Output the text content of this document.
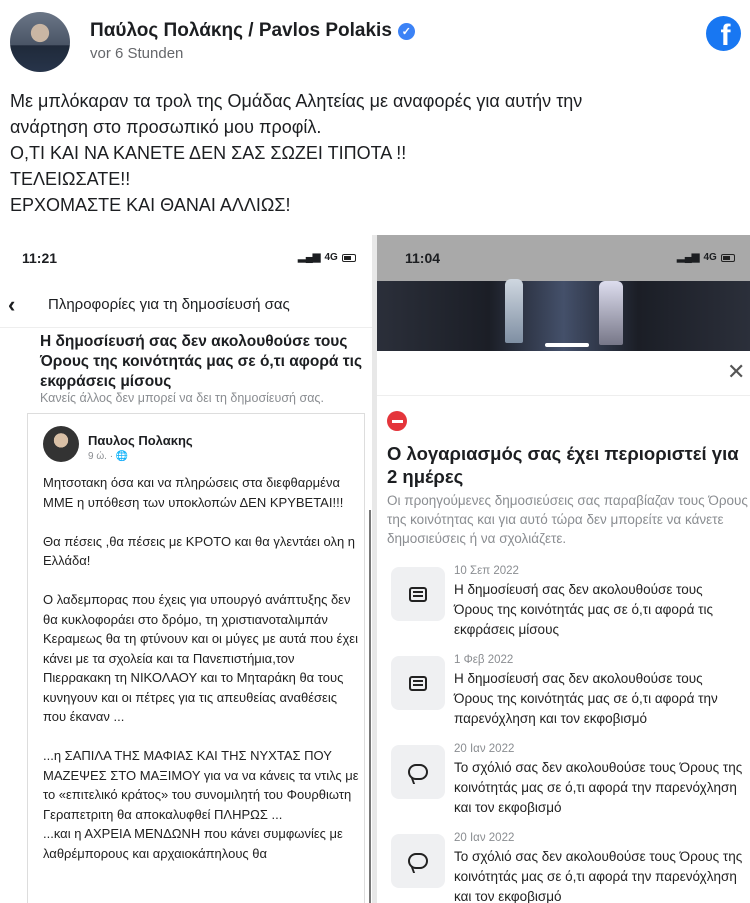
Παύλος Πολάκης / Pavlos Polakis ✓
vor 6 Stunden
f
Με μπλόκαραν τα τρολ της Ομάδας Αλητείας με αναφορές για αυτήν την
ανάρτηση στο προσωπικό μου προφίλ.
Ο,ΤΙ ΚΑΙ ΝΑ ΚΑΝΕΤΕ ΔΕΝ ΣΑΣ ΣΩΖΕΙ ΤΙΠΟΤΑ !!
ΤΕΛΕΙΩΣΑΤΕ!!
ΕΡΧΟΜΑΣΤΕ ΚΑΙ ΘΑΝΑΙ ΑΛΛΙΩΣ!
11:21	▂▄▆ 4G
‹ Πληροφορίες για τη δημοσίευσή σας
Η δημοσίευσή σας δεν ακολουθούσε τους Όρους της κοινότητάς μας σε ό,τι αφορά τις εκφράσεις μίσους
Κανείς άλλος δεν μπορεί να δει τη δημοσίευσή σας.
Παυλος Πολακης
9 ώ. · 🌐

Μητσοτακη όσα και να πληρώσεις στα διεφθαρμένα ΜΜΕ η υπόθεση των υποκλοπών ΔΕΝ ΚΡΥΒΕΤΑΙ!!!

Θα πέσεις ,θα πέσεις με ΚΡΟΤΟ και θα γλεντάει ολη η Ελλάδα!

Ο λαδεμπορας που έχεις για υπουργό ανάπτυξης δεν θα κυκλοφοράει στο δρόμο, τη χριστιανοταλιμπάν Κεραμεως θα τη φτύνουν και οι μύγες με αυτά που έχει κάνει με τα σχολεία και τα Πανεπιστήμια,τον Πιερρακακη τη ΝΙΚΟΛΑΟΥ και το Μηταράκη θα τους κυνηγουν και οι πέτρες για τις απευθείας αναθέσεις που έκαναν ...

...η ΣΑΠΙΛΑ ΤΗΣ ΜΑΦΙΑΣ ΚΑΙ ΤΗΣ ΝΥΧΤΑΣ ΠΟΥ ΜΑΖΕΨΕΣ ΣΤΟ ΜΑΞΙΜΟΥ για να να κάνεις τα ντιλς με το «επιτελικό κράτος» του συνομιλητή του Φουρθιωτη Γεραπετριτη θα αποκαλυφθεί ΠΛΗΡΩΣ ...

...και η ΑΧΡΕΙΑ ΜΕΝΔΩΝΗ που κάνει συμφωνίες με λαθρέμπορους και αρχαιοκάπηλους θα

11:04	▂▄▆ 4G
✕
Ο λογαριασμός σας έχει περιοριστεί για 2 ημέρες
Οι προηγούμενες δημοσιεύσεις σας παραβίαζαν τους Όρους της κοινότητας και για αυτό τώρα δεν μπορείτε να κάνετε δημοσιεύσεις ή να σχολιάζετε.
10 Σεπ 2022
Η δημοσίευσή σας δεν ακολουθούσε τους Όρους της κοινότητάς μας σε ό,τι αφορά τις εκφράσεις μίσους
1 Φεβ 2022
Η δημοσίευσή σας δεν ακολουθούσε τους Όρους της κοινότητάς μας σε ό,τι αφορά την παρενόχληση και τον εκφοβισμό
20 Ιαν 2022
Το σχόλιό σας δεν ακολουθούσε τους Όρους της κοινότητάς μας σε ό,τι αφορά την παρενόχληση και τον εκφοβισμό
20 Ιαν 2022
Το σχόλιό σας δεν ακολουθούσε τους Όρους της κοινότητάς μας σε ό,τι αφορά την παρενόχληση και τον εκφοβισμό
